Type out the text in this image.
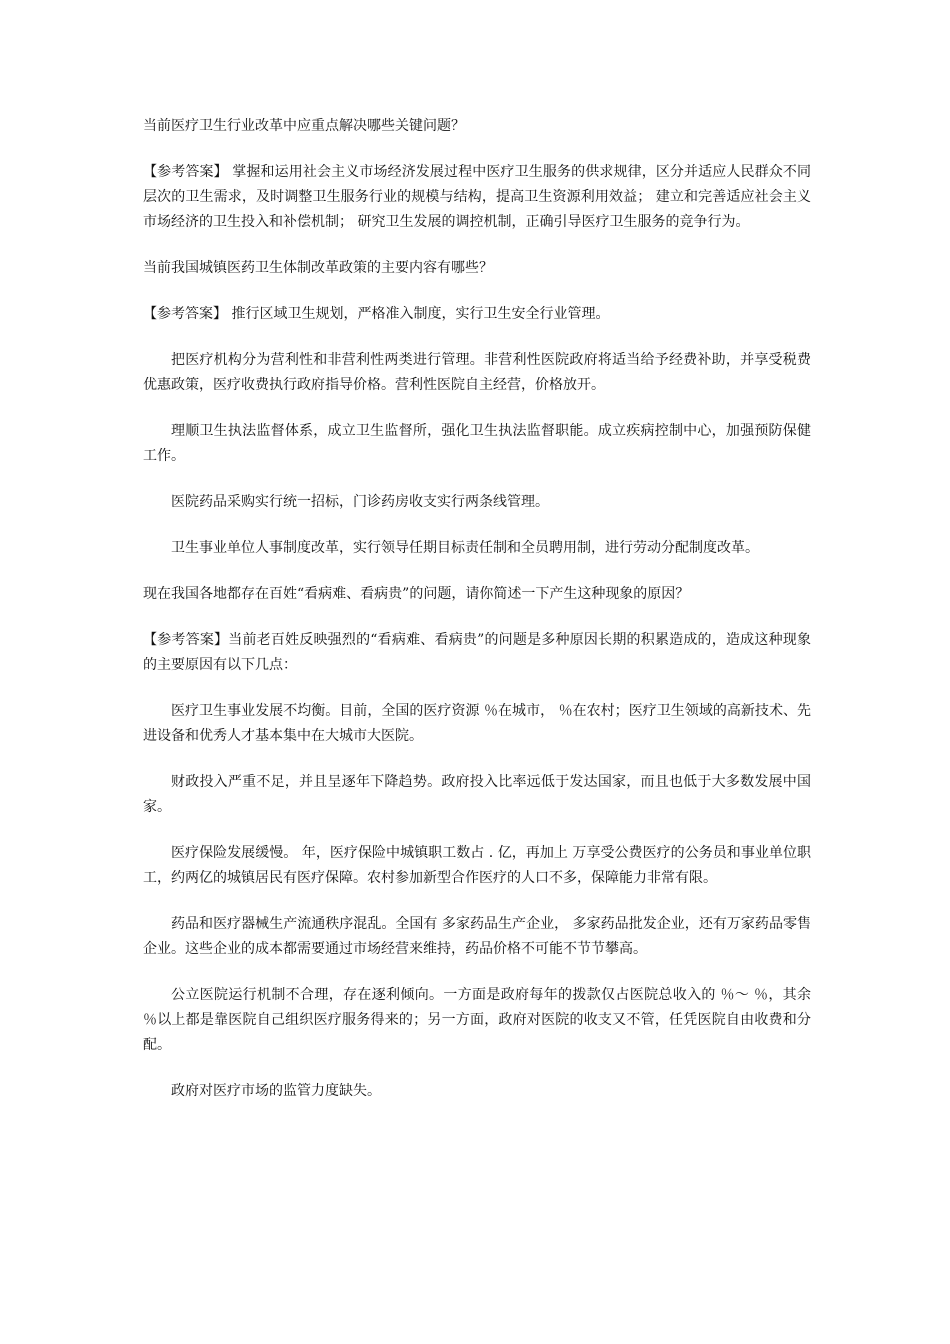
当前医疗卫生行业改革中应重点解决哪些关键问题？

【参考答案】 掌握和运用社会主义市场经济发展过程中医疗卫生服务的供求规律，区分并适应人民群众不同层次的卫生需求，及时调整卫生服务行业的规模与结构，提高卫生资源利用效益； 建立和完善适应社会主义市场经济的卫生投入和补偿机制； 研究卫生发展的调控机制，正确引导医疗卫生服务的竞争行为。

当前我国城镇医药卫生体制改革政策的主要内容有哪些？

【参考答案】 推行区域卫生规划，严格准入制度，实行卫生安全行业管理。

把医疗机构分为营利性和非营利性两类进行管理。非营利性医院政府将适当给予经费补助，并享受税费优惠政策，医疗收费执行政府指导价格。营利性医院自主经营，价格放开。

理顺卫生执法监督体系，成立卫生监督所，强化卫生执法监督职能。成立疾病控制中心，加强预防保健工作。

医院药品采购实行统一招标，门诊药房收支实行两条线管理。

卫生事业单位人事制度改革，实行领导任期目标责任制和全员聘用制，进行劳动分配制度改革。

现在我国各地都存在百姓“看病难、看病贵”的问题，请你简述一下产生这种现象的原因？

【参考答案】当前老百姓反映强烈的“看病难、看病贵”的问题是多种原因长期的积累造成的，造成这种现象的主要原因有以下几点：

医疗卫生事业发展不均衡。目前，全国的医疗资源 ％在城市， ％在农村；医疗卫生领域的高新技术、先进设备和优秀人才基本集中在大城市大医院。

财政投入严重不足，并且呈逐年下降趋势。政府投入比率远低于发达国家，而且也低于大多数发展中国家。

医疗保险发展缓慢。 年，医疗保险中城镇职工数占 . 亿，再加上 万享受公费医疗的公务员和事业单位职工，约两亿的城镇居民有医疗保障。农村参加新型合作医疗的人口不多，保障能力非常有限。

药品和医疗器械生产流通秩序混乱。全国有 多家药品生产企业， 多家药品批发企业，还有万家药品零售企业。这些企业的成本都需要通过市场经营来维持，药品价格不可能不节节攀高。

公立医院运行机制不合理，存在逐利倾向。一方面是政府每年的拨款仅占医院总收入的 ％～ ％，其余 ％以上都是靠医院自己组织医疗服务得来的；另一方面，政府对医院的收支又不管，任凭医院自由收费和分配。

政府对医疗市场的监管力度缺失。
